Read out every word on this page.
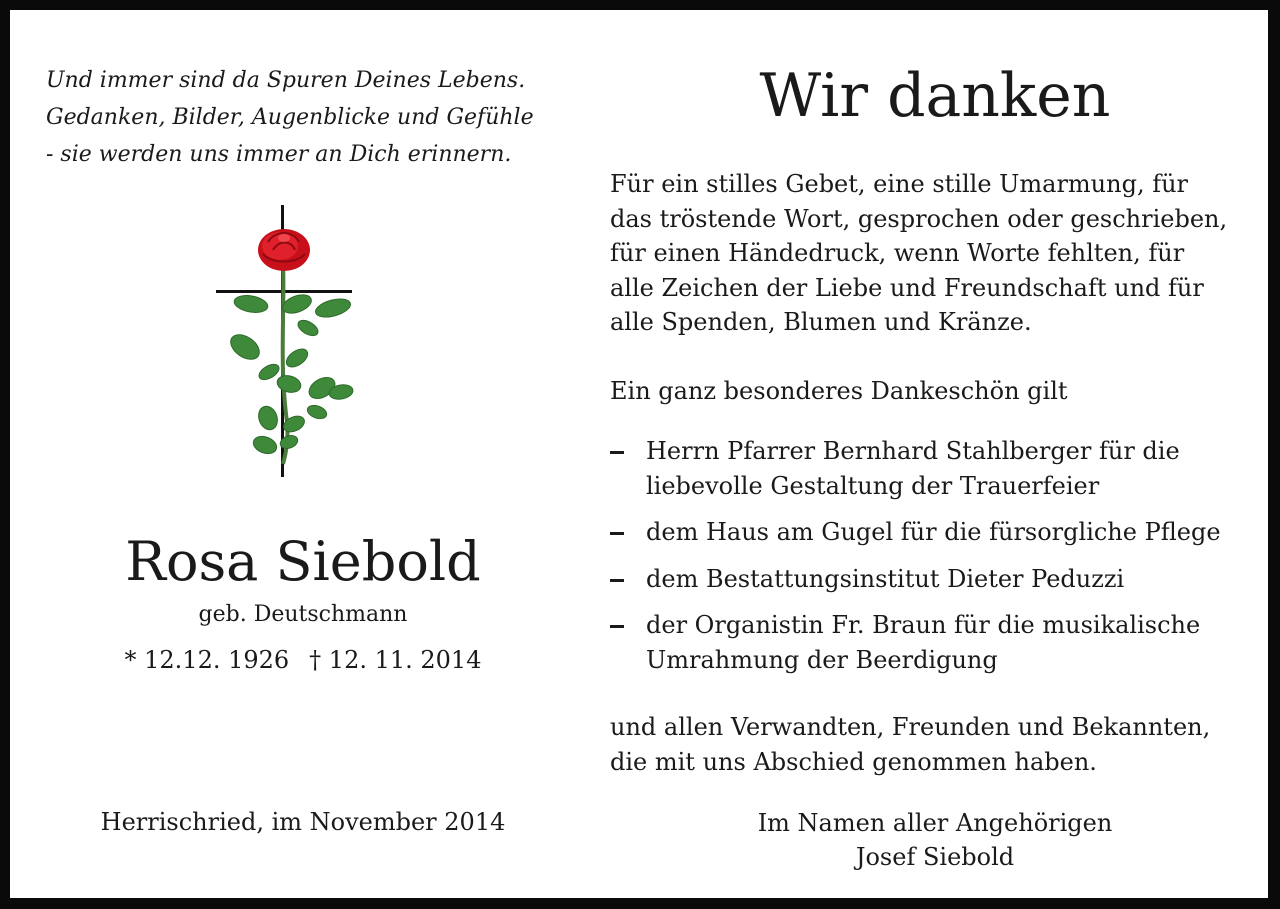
Und immer sind da Spuren Deines Lebens.
Gedanken, Bilder, Augenblicke und Gefühle
- sie werden uns immer an Dich erinnern.

Rosa Siebold
geb. Deutschmann
* 12.12. 1926 † 12. 11. 2014
Herrischried, im November 2014
Wir danken

Für ein stilles Gebet, eine stille Umarmung, für
das tröstende Wort, gesprochen oder geschrieben,
für einen Händedruck, wenn Worte fehlten, für
alle Zeichen der Liebe und Freundschaft und für
alle Spenden, Blumen und Kränze.

Ein ganz besonderes Dankeschön gilt

Herrn Pfarrer Bernhard Stahlberger für die
liebevolle Gestaltung der Trauerfeier
dem Haus am Gugel für die fürsorgliche Pflege
dem Bestattungsinstitut Dieter Peduzzi
der Organistin Fr. Braun für die musikalische
Umrahmung der Beerdigung

und allen Verwandten, Freunden und Bekannten,
die mit uns Abschied genommen haben.

Im Namen aller Angehörigen
Josef Siebold
